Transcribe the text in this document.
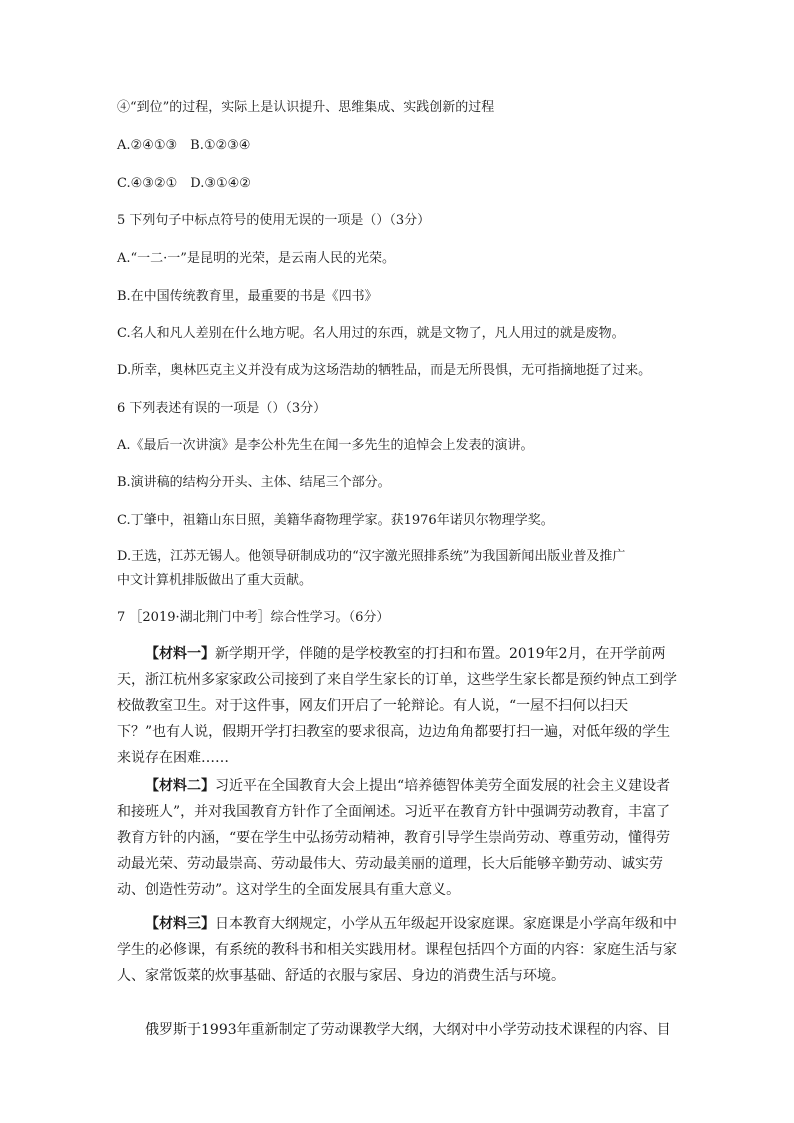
④“到位”的过程，实际上是认识提升、思维集成、实践创新的过程
A.②④①③　B.①②③④
C.④③②①　D.③①④②
5 下列句子中标点符号的使用无误的一项是（）（3分）
A.“一二·一”是昆明的光荣，是云南人民的光荣。
B.在中国传统教育里，最重要的书是《四书》
C.名人和凡人差别在什么地方呢。名人用过的东西，就是文物了，凡人用过的就是废物。
D.所幸，奥林匹克主义并没有成为这场浩劫的牺牲品，而是无所畏惧，无可指摘地挺了过来。
6 下列表述有误的一项是（）（3分）
A.《最后一次讲演》是李公朴先生在闻一多先生的追悼会上发表的演讲。
B.演讲稿的结构分开头、主体、结尾三个部分。
C.丁肇中，祖籍山东日照，美籍华裔物理学家。获1976年诺贝尔物理学奖。
D.王选，江苏无锡人。他领导研制成功的“汉字激光照排系统”为我国新闻出版业普及推广
中文计算机排版做出了重大贡献。
7 ［2019·湖北荆门中考］综合性学习。（6分）
【材料一】新学期开学，伴随的是学校教室的打扫和布置。2019年2月，在开学前两天，浙江杭州多家家政公司接到了来自学生家长的订单，这些学生家长都是预约钟点工到学校做教室卫生。对于这件事，网友们开启了一轮辩论。有人说，“一屋不扫何以扫天下？”也有人说，假期开学打扫教室的要求很高，边边角角都要打扫一遍，对低年级的学生来说存在困难……
【材料二】习近平在全国教育大会上提出“培养德智体美劳全面发展的社会主义建设者和接班人”，并对我国教育方针作了全面阐述。习近平在教育方针中强调劳动教育，丰富了教育方针的内涵，“要在学生中弘扬劳动精神，教育引导学生崇尚劳动、尊重劳动，懂得劳动最光荣、劳动最崇高、劳动最伟大、劳动最美丽的道理，长大后能够辛勤劳动、诚实劳动、创造性劳动”。这对学生的全面发展具有重大意义。
【材料三】日本教育大纲规定，小学从五年级起开设家庭课。家庭课是小学高年级和中学生的必修课，有系统的教科书和相关实践用材。课程包括四个方面的内容：家庭生活与家人、家常饭菜的炊事基础、舒适的衣服与家居、身边的消费生活与环境。
俄罗斯于1993年重新制定了劳动课教学大纲，大纲对中小学劳动技术课程的内容、目
